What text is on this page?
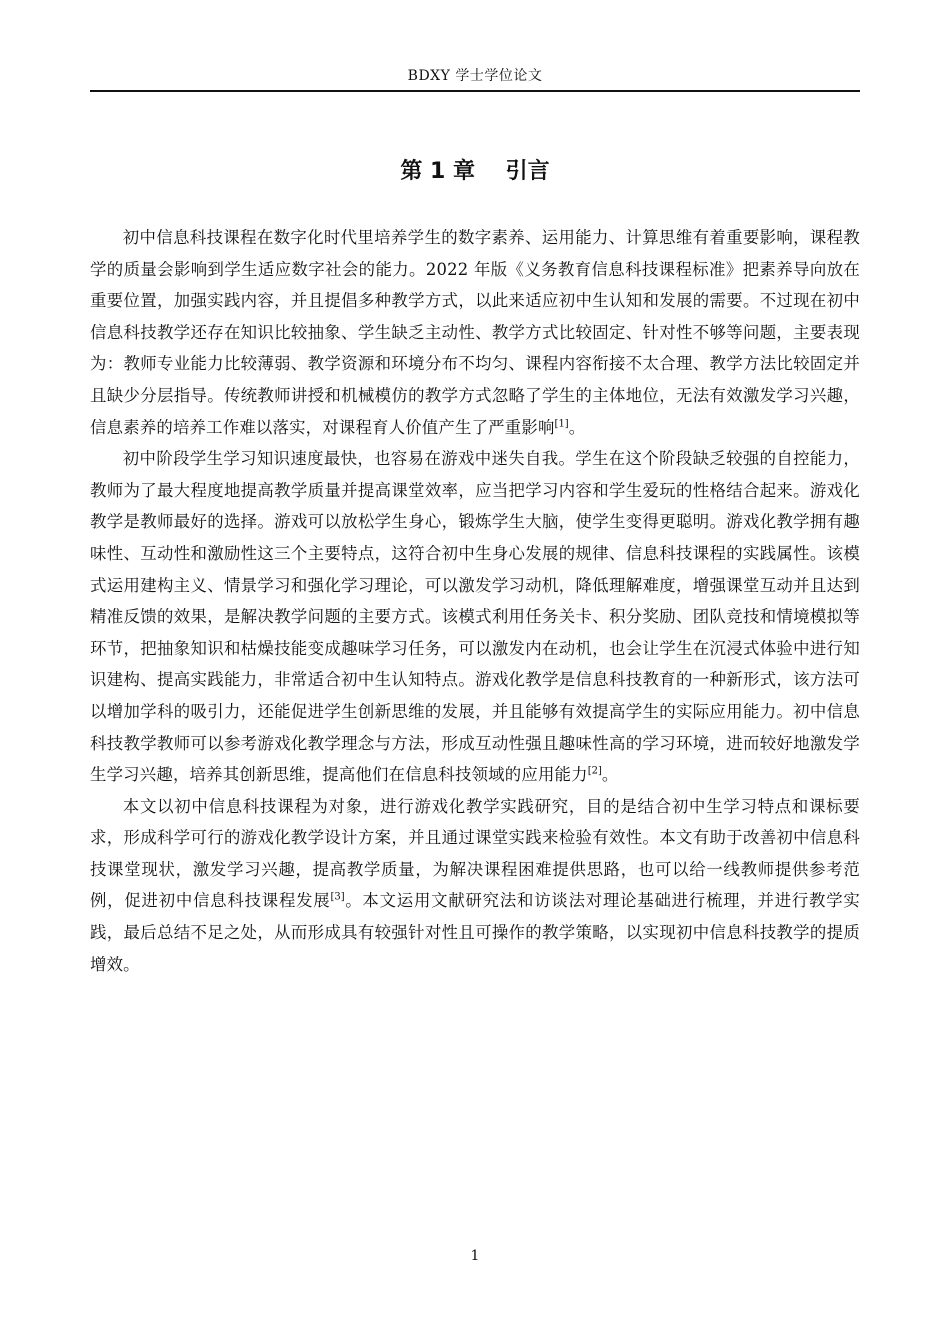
BDXY 学士学位论文
第 1 章    引言

初中信息科技课程在数字化时代里培养学生的数字素养、运用能力、计算思维有着重要影响，课程教学的质量会影响到学生适应数字社会的能力。2022 年版《义务教育信息科技课程标准》把素养导向放在重要位置，加强实践内容，并且提倡多种教学方式，以此来适应初中生认知和发展的需要。不过现在初中信息科技教学还存在知识比较抽象、学生缺乏主动性、教学方式比较固定、针对性不够等问题，主要表现为：教师专业能力比较薄弱、教学资源和环境分布不均匀、课程内容衔接不太合理、教学方法比较固定并且缺少分层指导。传统教师讲授和机械模仿的教学方式忽略了学生的主体地位，无法有效激发学习兴趣，信息素养的培养工作难以落实，对课程育人价值产生了严重影响[1]。

初中阶段学生学习知识速度最快，也容易在游戏中迷失自我。学生在这个阶段缺乏较强的自控能力，教师为了最大程度地提高教学质量并提高课堂效率，应当把学习内容和学生爱玩的性格结合起来。游戏化教学是教师最好的选择。游戏可以放松学生身心，锻炼学生大脑，使学生变得更聪明。游戏化教学拥有趣味性、互动性和激励性这三个主要特点，这符合初中生身心发展的规律、信息科技课程的实践属性。该模式运用建构主义、情景学习和强化学习理论，可以激发学习动机，降低理解难度，增强课堂互动并且达到精准反馈的效果，是解决教学问题的主要方式。该模式利用任务关卡、积分奖励、团队竞技和情境模拟等环节，把抽象知识和枯燥技能变成趣味学习任务，可以激发内在动机，也会让学生在沉浸式体验中进行知识建构、提高实践能力，非常适合初中生认知特点。游戏化教学是信息科技教育的一种新形式，该方法可以增加学科的吸引力，还能促进学生创新思维的发展，并且能够有效提高学生的实际应用能力。初中信息科技教学教师可以参考游戏化教学理念与方法，形成互动性强且趣味性高的学习环境，进而较好地激发学生学习兴趣，培养其创新思维，提高他们在信息科技领域的应用能力[2]。

本文以初中信息科技课程为对象，进行游戏化教学实践研究，目的是结合初中生学习特点和课标要求，形成科学可行的游戏化教学设计方案，并且通过课堂实践来检验有效性。本文有助于改善初中信息科技课堂现状，激发学习兴趣，提高教学质量，为解决课程困难提供思路，也可以给一线教师提供参考范例，促进初中信息科技课程发展[3]。本文运用文献研究法和访谈法对理论基础进行梳理，并进行教学实践，最后总结不足之处，从而形成具有较强针对性且可操作的教学策略，以实现初中信息科技教学的提质增效。

1
